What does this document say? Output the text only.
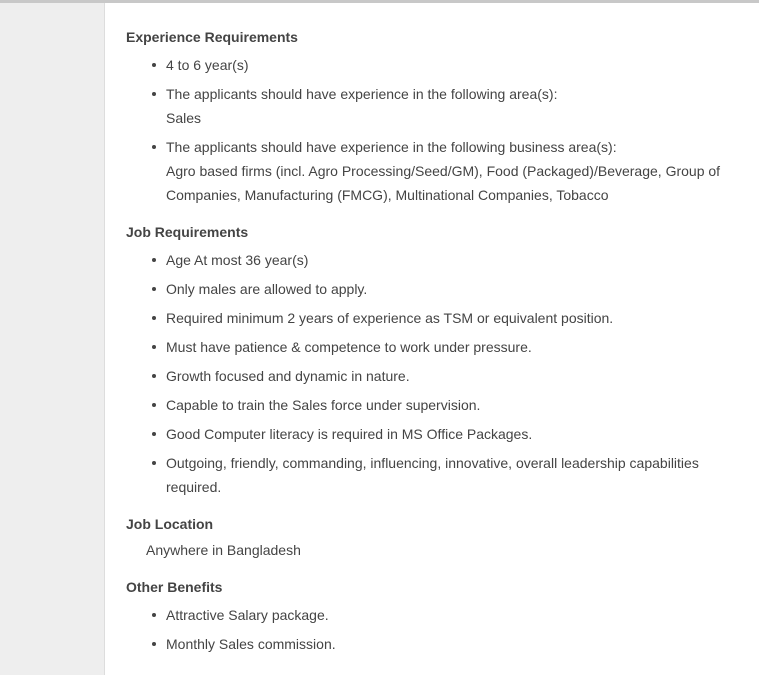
Experience Requirements
4 to 6 year(s)
The applicants should have experience in the following area(s):
Sales
The applicants should have experience in the following business area(s):
Agro based firms (incl. Agro Processing/Seed/GM), Food (Packaged)/Beverage, Group of Companies, Manufacturing (FMCG), Multinational Companies, Tobacco
Job Requirements
Age At most 36 year(s)
Only males are allowed to apply.
Required minimum 2 years of experience as TSM or equivalent position.
Must have patience & competence to work under pressure.
Growth focused and dynamic in nature.
Capable to train the Sales force under supervision.
Good Computer literacy is required in MS Office Packages.
Outgoing, friendly, commanding, influencing, innovative, overall leadership capabilities required.
Job Location
Anywhere in Bangladesh
Other Benefits
Attractive Salary package.
Monthly Sales commission.
